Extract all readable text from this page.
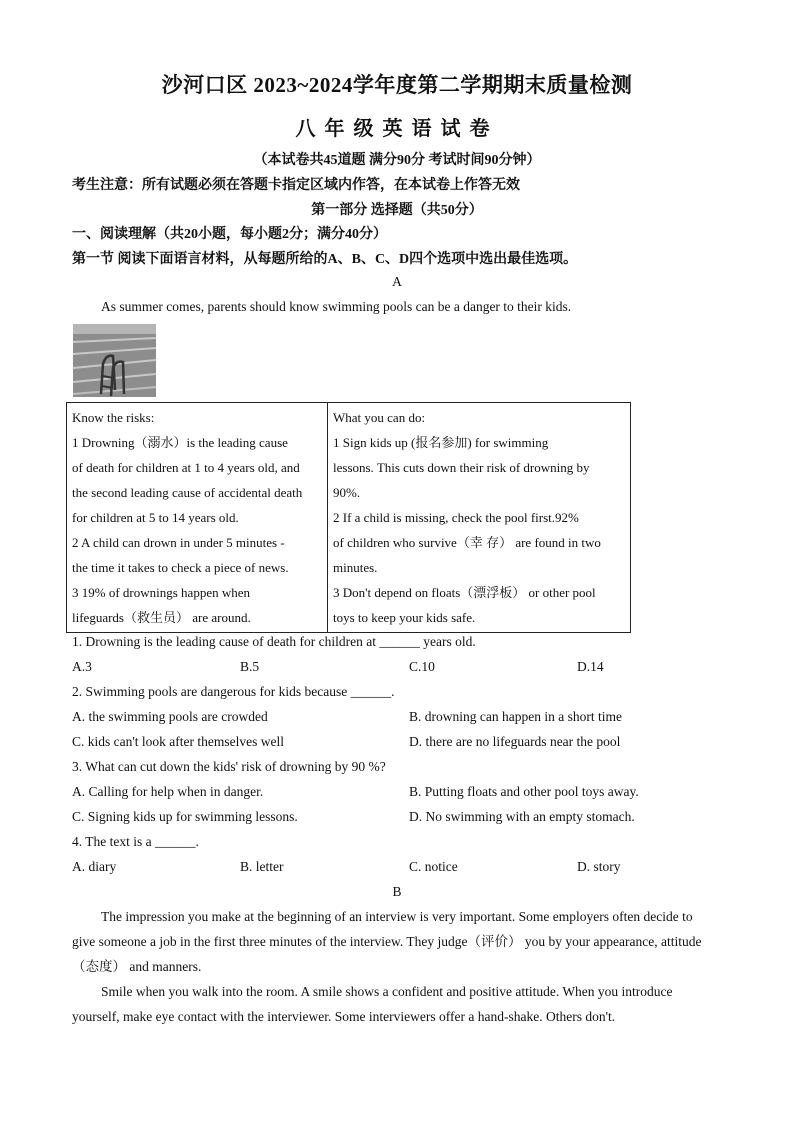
沙河口区 2023~2024学年度第二学期期末质量检测
八年级英语试卷
（本试卷共45道题 满分90分 考试时间90分钟）
考生注意：所有试题必须在答题卡指定区域内作答，在本试卷上作答无效
第一部分 选择题（共50分）
一、阅读理解（共20小题，每小题2分；满分40分）
第一节 阅读下面语言材料，从每题所给的A、B、C、D四个选项中选出最佳选项。
A
As summer comes, parents should know swimming pools can be a danger to their kids.
Know the risks:
1 Drowning（溺水）is the leading cause
of death for children at 1 to 4 years old, and
the second leading cause of accidental death
for children at 5 to 14 years old.
2 A child can drown in under 5 minutes -
the time it takes to check a piece of news.
3 19% of drownings happen when
lifeguards（救生员） are around.

What you can do:
1 Sign kids up (报名参加) for swimming
lessons. This cuts down their risk of drowning by
90%.
2 If a child is missing, check the pool first.92%
of children who survive（幸 存） are found in two
minutes.
3 Don't depend on floats（漂浮板） or other pool
toys to keep your kids safe.
1. Drowning is the leading cause of death for children at ______ years old.
A.3	B.5	C.10	D.14
2. Swimming pools are dangerous for kids because ______.
A. the swimming pools are crowded	B. drowning can happen in a short time
C. kids can't look after themselves well	D. there are no lifeguards near the pool
3. What can cut down the kids' risk of drowning by 90 %?
A. Calling for help when in danger.	B. Putting floats and other pool toys away.
C. Signing kids up for swimming lessons.	D. No swimming with an empty stomach.
4. The text is a ______.
A. diary	B. letter	C. notice	D. story
B
The impression you make at the beginning of an interview is very important. Some employers often decide to
give someone a job in the first three minutes of the interview. They judge（评价） you by your appearance, attitude
（态度） and manners.
Smile when you walk into the room. A smile shows a confident and positive attitude. When you introduce
yourself, make eye contact with the interviewer. Some interviewers offer a hand-shake. Others don't.
